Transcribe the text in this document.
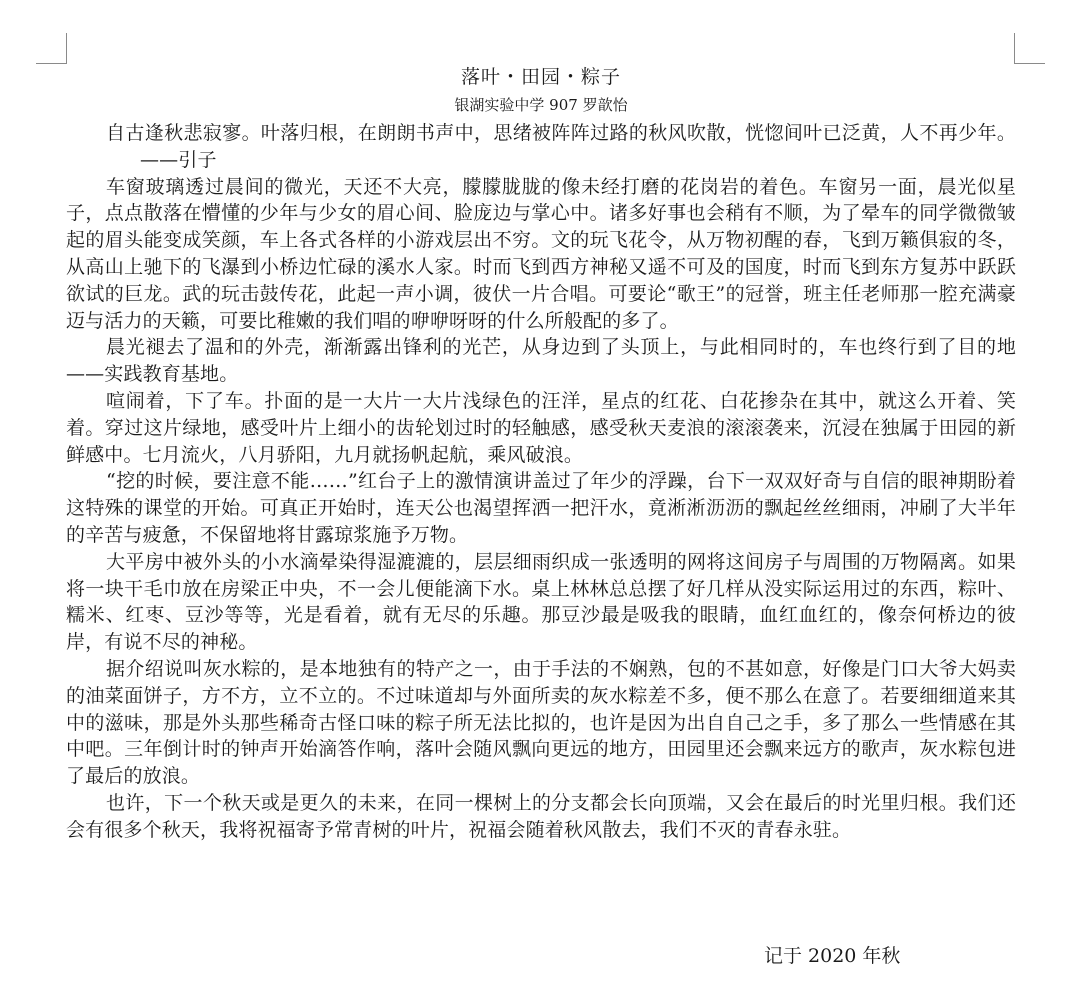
落叶・田园・粽子

银湖实验中学 907 罗歆怡

自古逢秋悲寂寥。叶落归根，在朗朗书声中，思绪被阵阵过路的秋风吹散，恍惚间叶已泛黄，人不再少年。——引子

车窗玻璃透过晨间的微光，天还不大亮，朦朦胧胧的像未经打磨的花岗岩的着色。车窗另一面，晨光似星子，点点散落在懵懂的少年与少女的眉心间、脸庞边与掌心中。诸多好事也会稍有不顺，为了晕车的同学微微皱起的眉头能变成笑颜，车上各式各样的小游戏层出不穷。文的玩飞花令，从万物初醒的春，飞到万籁俱寂的冬，从高山上驰下的飞瀑到小桥边忙碌的溪水人家。时而飞到西方神秘又遥不可及的国度，时而飞到东方复苏中跃跃欲试的巨龙。武的玩击鼓传花，此起一声小调，彼伏一片合唱。可要论“歌王”的冠誉，班主任老师那一腔充满豪迈与活力的天籁，可要比稚嫩的我们唱的咿咿呀呀的什么所般配的多了。

晨光褪去了温和的外壳，渐渐露出锋利的光芒，从身边到了头顶上，与此相同时的，车也终行到了目的地——实践教育基地。

喧闹着，下了车。扑面的是一大片一大片浅绿色的汪洋，星点的红花、白花掺杂在其中，就这么开着、笑着。穿过这片绿地，感受叶片上细小的齿轮划过时的轻触感，感受秋天麦浪的滚滚袭来，沉浸在独属于田园的新鲜感中。七月流火，八月骄阳，九月就扬帆起航，乘风破浪。

“挖的时候，要注意不能……”红台子上的激情演讲盖过了年少的浮躁，台下一双双好奇与自信的眼神期盼着这特殊的课堂的开始。可真正开始时，连天公也渴望挥洒一把汗水，竟淅淅沥沥的飘起丝丝细雨，冲刷了大半年的辛苦与疲惫，不保留地将甘露琼浆施予万物。

大平房中被外头的小水滴晕染得湿漉漉的，层层细雨织成一张透明的网将这间房子与周围的万物隔离。如果将一块干毛巾放在房梁正中央，不一会儿便能滴下水。桌上林林总总摆了好几样从没实际运用过的东西，粽叶、糯米、红枣、豆沙等等，光是看着，就有无尽的乐趣。那豆沙最是吸我的眼睛，血红血红的，像奈何桥边的彼岸，有说不尽的神秘。

据介绍说叫灰水粽的，是本地独有的特产之一，由于手法的不娴熟，包的不甚如意，好像是门口大爷大妈卖的油菜面饼子，方不方，立不立的。不过味道却与外面所卖的灰水粽差不多，便不那么在意了。若要细细道来其中的滋味，那是外头那些稀奇古怪口味的粽子所无法比拟的，也许是因为出自自己之手，多了那么一些情感在其中吧。三年倒计时的钟声开始滴答作响，落叶会随风飘向更远的地方，田园里还会飘来远方的歌声，灰水粽包进了最后的放浪。

也许，下一个秋天或是更久的未来，在同一棵树上的分支都会长向顶端，又会在最后的时光里归根。我们还会有很多个秋天，我将祝福寄予常青树的叶片，祝福会随着秋风散去，我们不灭的青春永驻。

记于 2020 年秋
